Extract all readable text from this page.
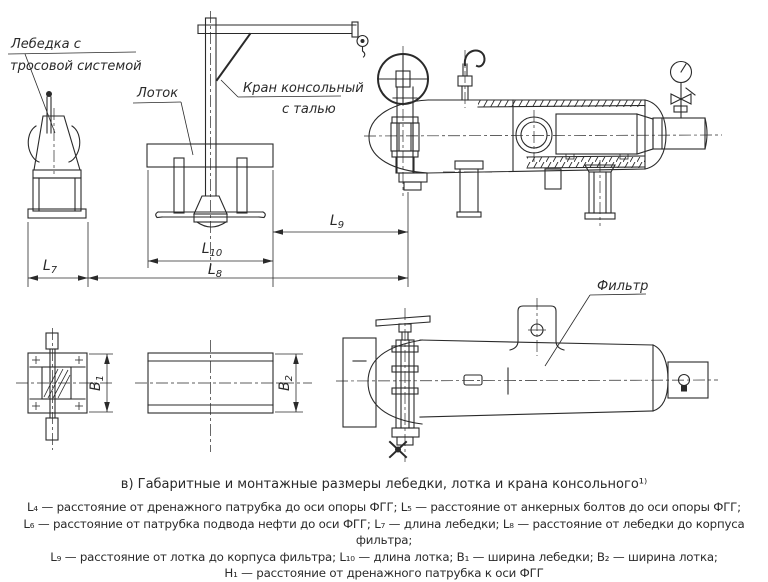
Лебедка с
тросовой системой
Лоток	Кран консольный
с талью
$L_7$	$L_8$
$L_{10}$
$L_9$
$B_1$
$B_2$
Фильтр
в) Габаритные и монтажные размеры лебедки, лотка и крана консольного¹⁾
L₄ — расстояние от дренажного патрубка до оси опоры ФГГ; L₅ — расстояние от анкерных болтов до оси опоры ФГГ;
L₆ — расстояние от патрубка подвода нефти до оси ФГГ; L₇ — длина лебедки; L₈ — расстояние от лебедки до корпуса фильтра;
L₉ — расстояние от лотка до корпуса фильтра; L₁₀ — длина лотка; B₁ — ширина лебедки; B₂ — ширина лотка;
H₁ — расстояние от дренажного патрубка к оси ФГГ
